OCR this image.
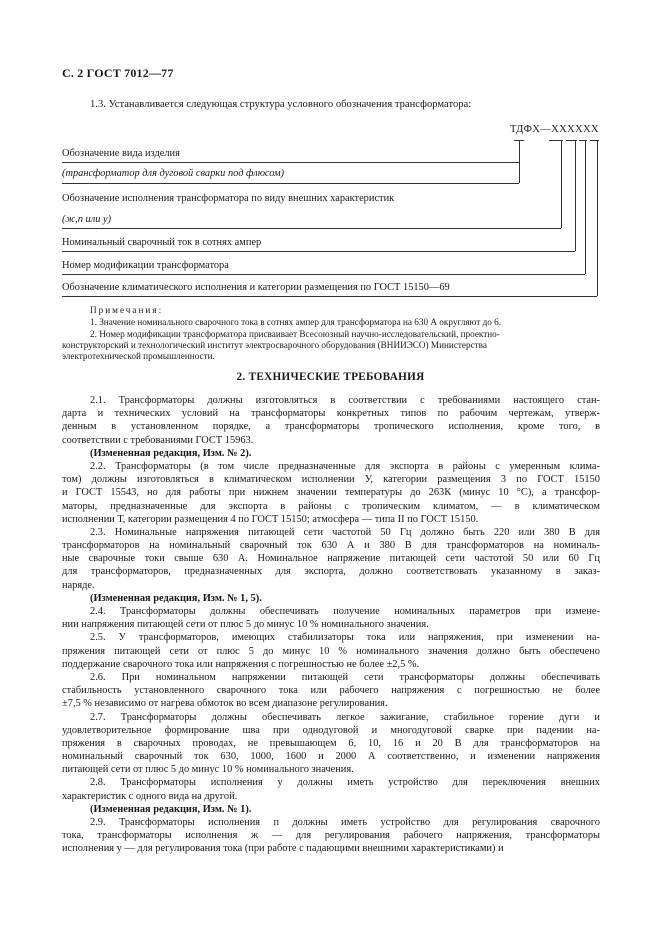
С. 2 ГОСТ 7012—77
1.3. Устанавливается следующая структура условного обозначения трансформатора:
ТДФХ—XXXXXX
Обозначение вида изделия
(трансформатор для дуговой сварки под флюсом)
Обозначение исполнения трансформатора по виду внешних характеристик
(ж,п или у)
Номинальный сварочный ток в сотнях ампер
Номер модификации трансформатора
Обозначение климатического исполнения и категории размещения по ГОСТ 15150—69
Примечания:
1. Значение номинального сварочного тока в сотнях ампер для трансформатора на 630 А округляют до 6.
2. Номер модификации трансформатора присваивает Всесоюзный научно-исследовательский, проектно-
конструкторский и технологический институт электросварочного оборудования (ВНИИЭСО) Министерства
электротехнической промышленности.
2. ТЕХНИЧЕСКИЕ ТРЕБОВАНИЯ
2.1. Трансформаторы должны изготовляться в соответствии с требованиями настоящего стан-
дарта и технических условий на трансформаторы конкретных типов по рабочим чертежам, утверж-
денным в установленном порядке, а трансформаторы тропического исполнения, кроме того, в
соответствии с требованиями ГОСТ 15963.
(Измененная редакция, Изм. № 2).
2.2. Трансформаторы (в том числе предназначенные для экспорта в районы с умеренным клима-
том) должны изготовляться в климатическом исполнении У, категории размещения 3 по ГОСТ 15150
и ГОСТ 15543, но для работы при нижнем значении температуры до 263К (минус 10 °С), а трансфор-
маторы, предназначенные для экспорта в районы с тропическим климатом, — в климатическом
исполнении Т, категории размещения 4 по ГОСТ 15150; атмосфера — типа II по ГОСТ 15150.
2.3. Номинальные напряжения питающей сети частотой 50 Гц должно быть 220 или 380 В для
трансформаторов на номинальный сварочный ток 630 А и 380 В для трансформаторов на номиналь-
ные сварочные токи свыше 630 А. Номинальное напряжение питающей сети частотой 50 или 60 Гц
для трансформаторов, предназначенных для экспорта, должно соответствовать указанному в заказ-
наряде.
(Измененная редакция, Изм. № 1, 5).
2.4. Трансформаторы должны обеспечивать получение номинальных параметров при измене-
нии напряжения питающей сети от плюс 5 до минус 10 % номинального значения.
2.5. У трансформаторов, имеющих стабилизаторы тока или напряжения, при изменении на-
пряжения питающей сети от плюс 5 до минус 10 % номинального значения должно быть обеспечено
поддержание сварочного тока или напряжения с погрешностью не более ±2,5 %.
2.6. При номинальном напряжении питающей сети трансформаторы должны обеспечивать
стабильность установленного сварочного тока или рабочего напряжения с погрешностью не более
±7,5 % независимо от нагрева обмоток во всем диапазоне регулирования.
2.7. Трансформаторы должны обеспечивать легкое зажигание, стабильное горение дуги и
удовлетворительное формирование шва при однодуговой и многодуговой сварке при падении на-
пряжения в сварочных проводах, не превышающем 6, 10, 16 и 20 В для трансформаторов на
номинальный сварочный ток 630, 1000, 1600 и 2000 А соответственно, и изменении напряжения
питающей сети от плюс 5 до минус 10 % номинального значения.
2.8. Трансформаторы исполнения у должны иметь устройство для переключения внешних
характеристик с одного вида на другой.
(Измененная редакция, Изм. № 1).
2.9. Трансформаторы исполнения п должны иметь устройство для регулирования сварочного
тока, трансформаторы исполнения ж — для регулирования рабочего напряжения, трансформаторы
исполнения у — для регулирования тока (при работе с падающими внешними характеристиками) и
